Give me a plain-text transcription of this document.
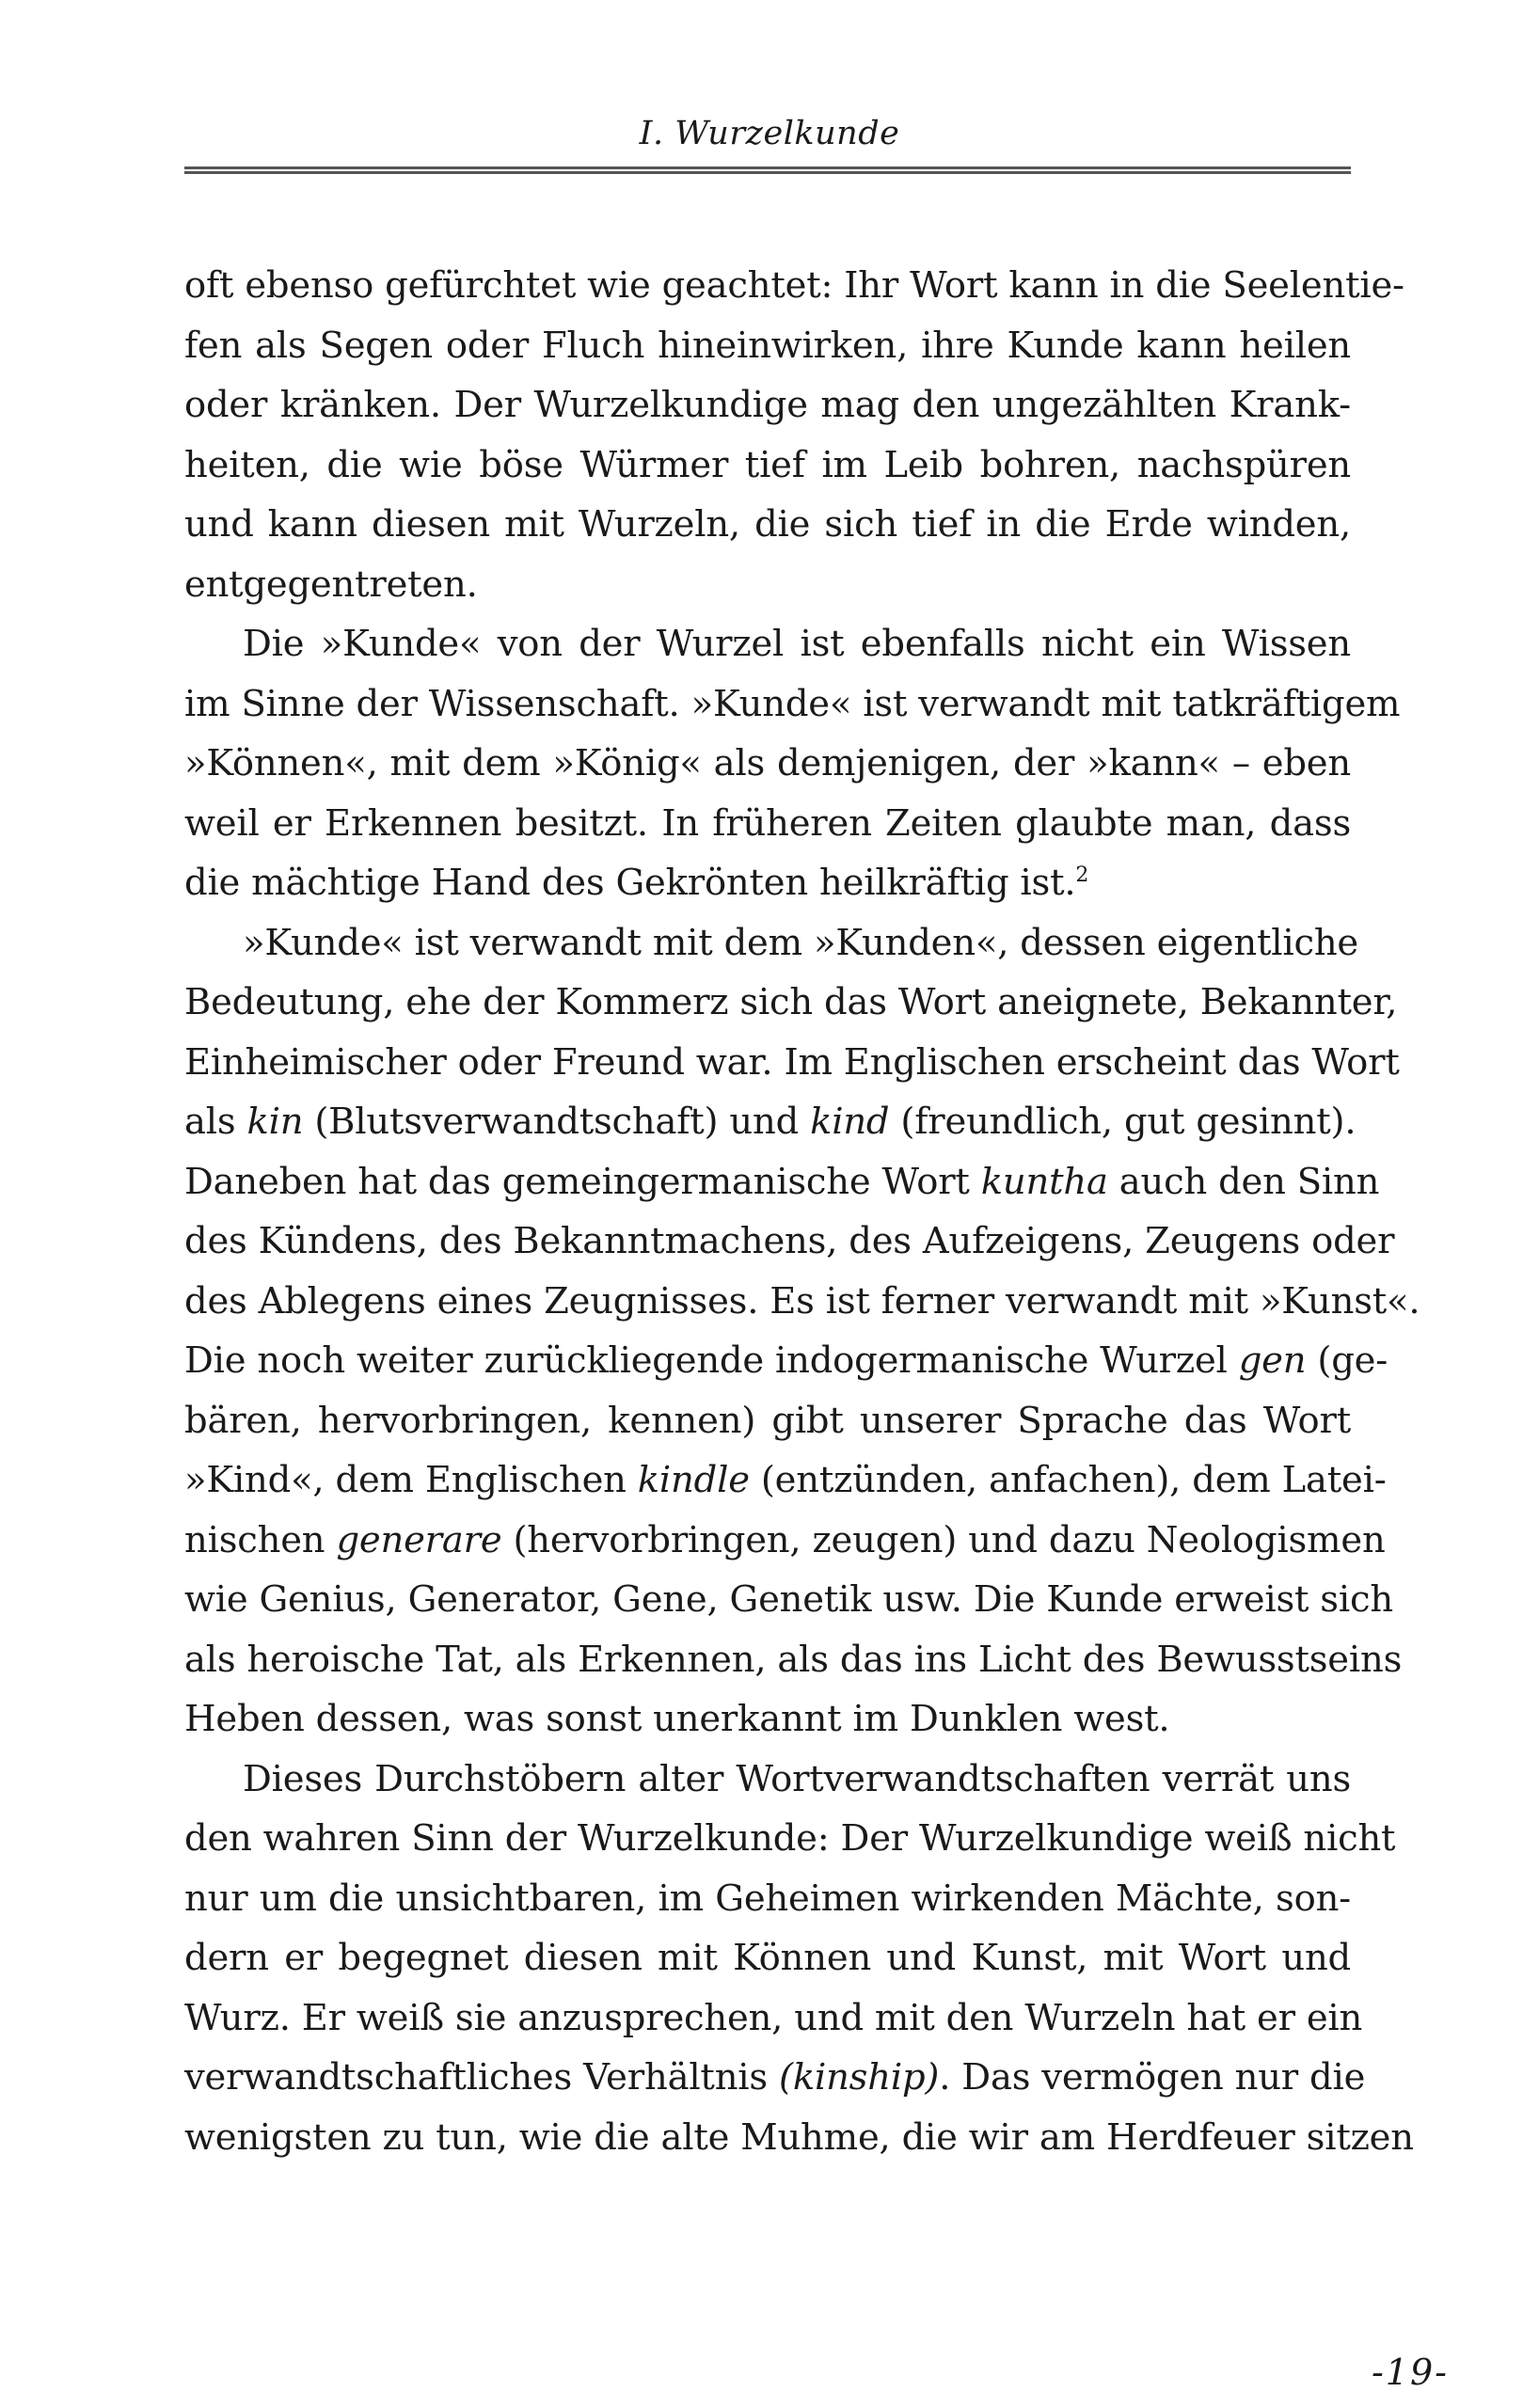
I. Wurzelkunde
oft ebenso gefürchtet wie geachtet: Ihr Wort kann in die Seelentie-
fen als Segen oder Fluch hineinwirken, ihre Kunde kann heilen
oder kränken. Der Wurzelkundige mag den ungezählten Krank-
heiten, die wie böse Würmer tief im Leib bohren, nachspüren
und kann diesen mit Wurzeln, die sich tief in die Erde winden,
entgegentreten.
Die »Kunde« von der Wurzel ist ebenfalls nicht ein Wissen
im Sinne der Wissenschaft. »Kunde« ist verwandt mit tatkräftigem
»Können«, mit dem »König« als demjenigen, der »kann« – eben
weil er Erkennen besitzt. In früheren Zeiten glaubte man, dass
die mächtige Hand des Gekrönten heilkräftig ist.$^2$
»Kunde« ist verwandt mit dem »Kunden«, dessen eigentliche
Bedeutung, ehe der Kommerz sich das Wort aneignete, Bekannter,
Einheimischer oder Freund war. Im Englischen erscheint das Wort
als kin (Blutsverwandtschaft) und kind (freundlich, gut gesinnt).
Daneben hat das gemeingermanische Wort kuntha auch den Sinn
des Kündens, des Bekanntmachens, des Aufzeigens, Zeugens oder
des Ablegens eines Zeugnisses. Es ist ferner verwandt mit »Kunst«.
Die noch weiter zurückliegende indogermanische Wurzel gen (ge-
bären, hervorbringen, kennen) gibt unserer Sprache das Wort
»Kind«, dem Englischen kindle (entzünden, anfachen), dem Latei-
nischen generare (hervorbringen, zeugen) und dazu Neologismen
wie Genius, Generator, Gene, Genetik usw. Die Kunde erweist sich
als heroische Tat, als Erkennen, als das ins Licht des Bewusstseins
Heben dessen, was sonst unerkannt im Dunklen west.
Dieses Durchstöbern alter Wortverwandtschaften verrät uns
den wahren Sinn der Wurzelkunde: Der Wurzelkundige weiß nicht
nur um die unsichtbaren, im Geheimen wirkenden Mächte, son-
dern er begegnet diesen mit Können und Kunst, mit Wort und
Wurz. Er weiß sie anzusprechen, und mit den Wurzeln hat er ein
verwandtschaftliches Verhältnis (kinship). Das vermögen nur die
wenigsten zu tun, wie die alte Muhme, die wir am Herdfeuer sitzen
-19-
